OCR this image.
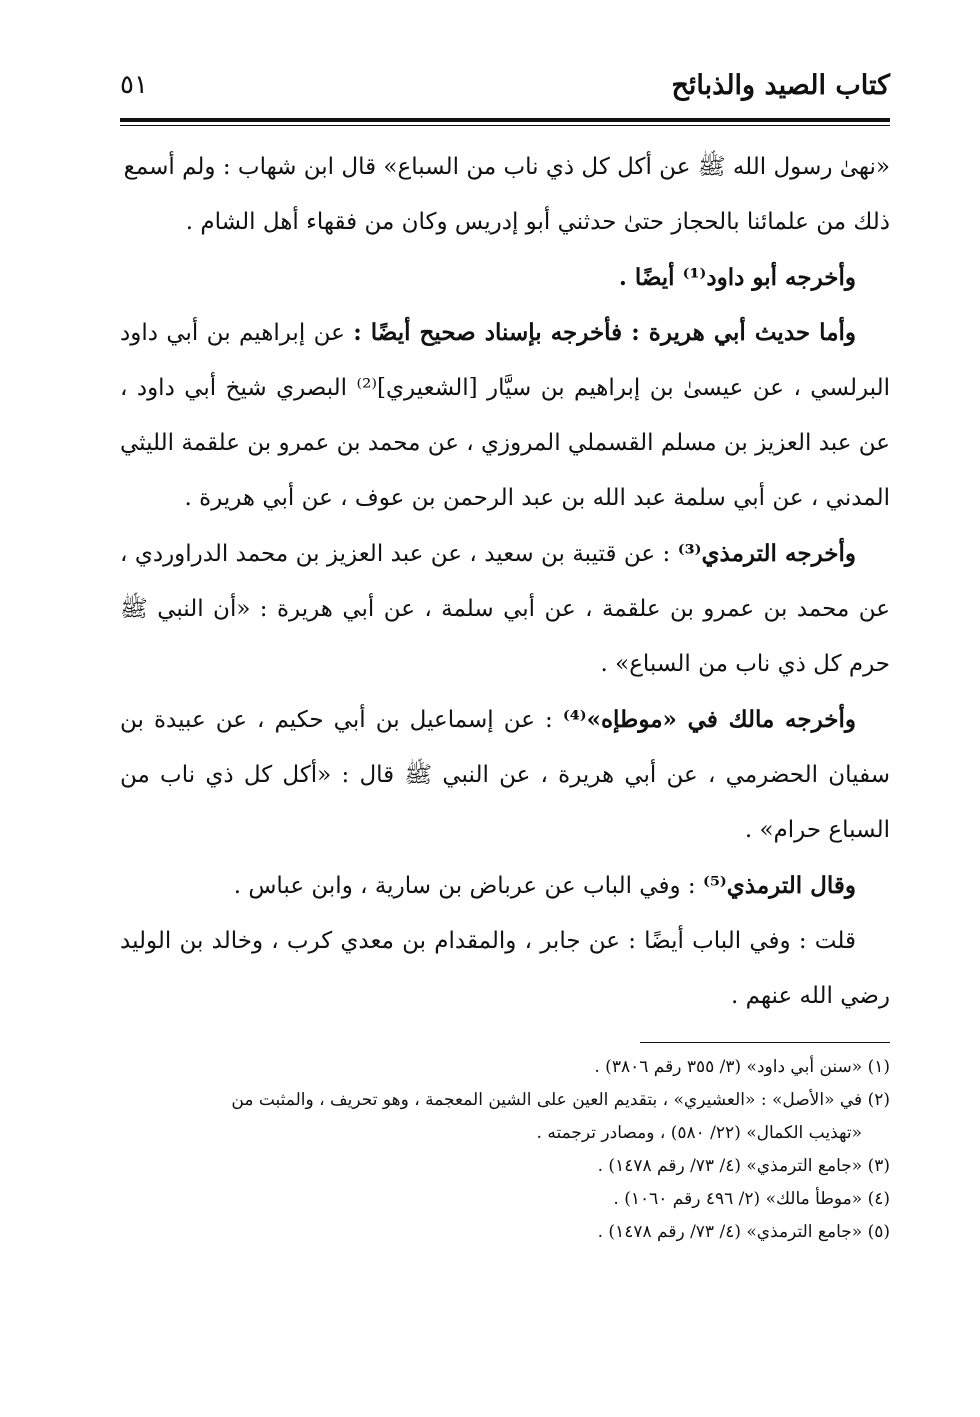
كتاب الصيد والذبائح
٥١

«نهىٰ رسول الله ﷺ عن أكل كل ذي ناب من السباع» قال ابن شهاب : ولم أسمع
ذلك من علمائنا بالحجاز حتىٰ حدثني أبو إدريس وكان من فقهاء أهل الشام .

وأخرجه أبو داود⁽¹⁾ أيضًا .

وأما حديث أبي هريرة : فأخرجه بإسناد صحيح أيضًا : عن إبراهيم بن أبي داود البرلسي ، عن عيسىٰ بن إبراهيم بن سيَّار [الشعيري]⁽²⁾ البصري شيخ أبي داود ، عن عبد العزيز بن مسلم القسملي المروزي ، عن محمد بن عمرو بن علقمة الليثي المدني ، عن أبي سلمة عبد الله بن عبد الرحمن بن عوف ، عن أبي هريرة .

وأخرجه الترمذي⁽³⁾ : عن قتيبة بن سعيد ، عن عبد العزيز بن محمد الدراوردي ، عن محمد بن عمرو بن علقمة ، عن أبي سلمة ، عن أبي هريرة : «أن النبي ﷺ حرم كل ذي ناب من السباع» .

وأخرجه مالك في «موطإه»⁽⁴⁾ : عن إسماعيل بن أبي حكيم ، عن عبيدة بن سفيان الحضرمي ، عن أبي هريرة ، عن النبي ﷺ قال : «أكل كل ذي ناب من السباع حرام» .

وقال الترمذي⁽⁵⁾ : وفي الباب عن عرباض بن سارية ، وابن عباس .

قلت : وفي الباب أيضًا : عن جابر ، والمقدام بن معدي كرب ، وخالد بن الوليد رضي الله عنهم .

(١) «سنن أبي داود» (٣/ ٣٥٥ رقم ٣٨٠٦) .

(٢) في «الأصل» : «العشيري» ، بتقديم العين على الشين المعجمة ، وهو تحريف ، والمثبت من

«تهذيب الكمال» (٢٢/ ٥٨٠) ، ومصادر ترجمته .

(٣) «جامع الترمذي» (٤/ ٧٣/ رقم ١٤٧٨) .

(٤) «موطأ مالك» (٢/ ٤٩٦ رقم ١٠٦٠) .

(٥) «جامع الترمذي» (٤/ ٧٣/ رقم ١٤٧٨) .
